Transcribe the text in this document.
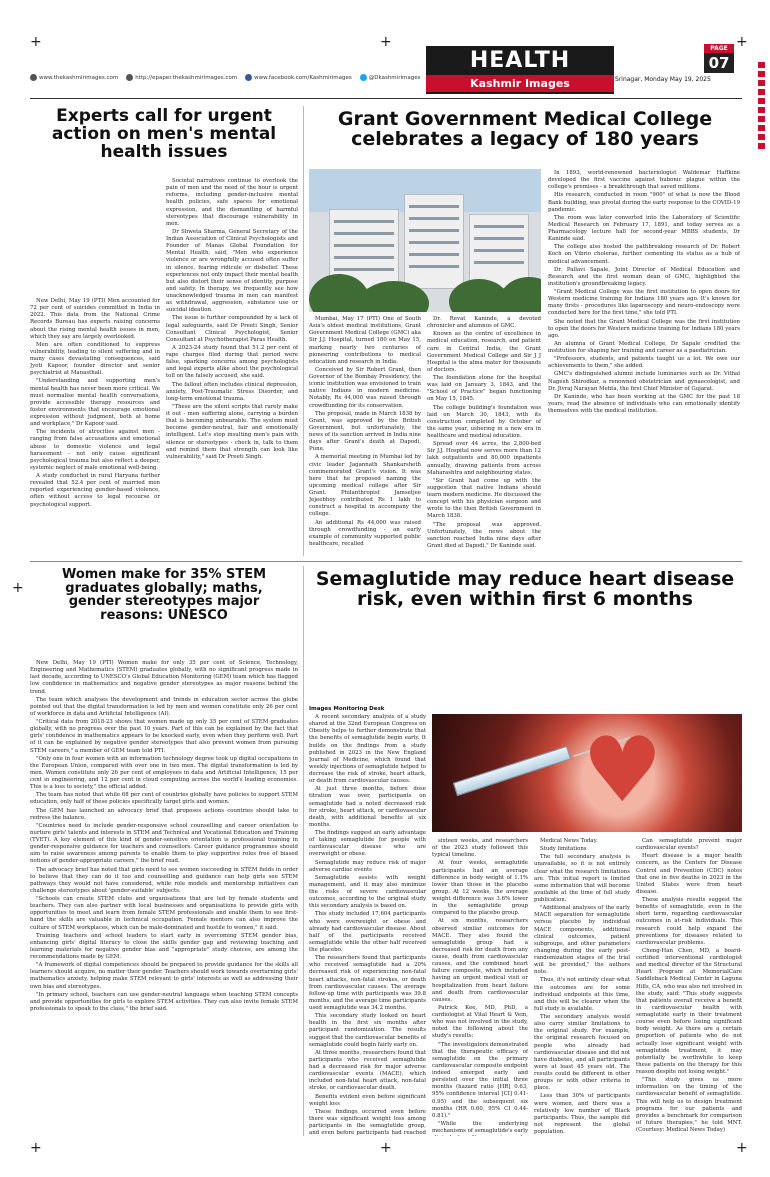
+	+	+
+
+	+	+
www.thekashmirimages.com	http://epaper.thekashmirimages.com	www.facebook.com/Kashmirimages	@Dkashmirimages
HEALTH
Kashmir Images	Srinagar, Monday May 19, 2025
PAGE
07
Experts call for urgent action on men's mental health issues

New Delhi, May 19 (PTI) Men accounted for 72 per cent of suicides committed in India in 2022. This data from the National Crime Records Bureau has experts raising concerns about the rising mental health issues in men, which they say are largely overlooked.

Men are often conditioned to suppress vulnerability, leading to silent suffering and in many cases devastating consequences, said Jyoti Kapoor, founder director and senior psychiatrist at Manasthali.

"Understanding and supporting men's mental health has never been more critical. We must normalise mental health conversations, provide accessible therapy resources and foster environments that encourage emotional expression without judgment, both at home and workplace," Dr Kapoor said.

The incidents of atrocities against men - ranging from false accusations and emotional abuse to domestic violence and legal harassment - not only cause significant psychological trauma but also reflect a deeper, systemic neglect of male emotional well-being.

A study conducted in rural Haryana further revealed that 52.4 per cent of married men reported experiencing gender-based violence, often without access to legal recourse or psychological support.

Societal narratives continue to overlook the pain of men and the need of the hour is urgent reforms, including gender-inclusive mental health policies, safe spaces for emotional expression, and the dismantling of harmful stereotypes that discourage vulnerability in men.

Dr Shweta Sharma, General Secretary of the Indian Association of Clinical Psychologists and Founder of Manas Global Foundation for Mental Health, said, "Men who experience violence or are wrongfully accused often suffer in silence, fearing ridicule or disbelief. These experiences not only impact their mental health but also distort their sense of identity, purpose and safety. In therapy, we frequently see how unacknowledged trauma in men can manifest as withdrawal, aggression, substance use or suicidal ideation.

The issue is further compounded by a lack of legal safeguards, said Dr Preeti Singh, Senior Consultant Clinical Psychologist, Senior Consultant at Psychotherapist Paras Health.

A 2023-24 study found that 51.2 per cent of rape charges filed during that period were false, sparking concerns among psychologists and legal experts alike about the psychological toll on the falsely accused, she said.

The fallout often includes clinical depression, anxiety, Post-Traumatic Stress Disorder, and long-term emotional trauma.

"These are the silent scripts that rarely make it out - men suffering alone, carrying a burden that is becoming unbearable. The system must become gender-neutral, fair and emotionally intelligent. Let's stop insulting men's pain with silence or stereotypes - check in, talk to them and remind them that strength can look like vulnerability," said Dr Preeti Singh.

Grant Government Medical College celebrates a legacy of 180 years

Mumbai, May 17 (PTI) One of South Asia's oldest medical institutions, Grant Government Medical College (GMC) aka Sir J.J. Hospital, turned 180 on May 15, marking nearly two centuries of pioneering contributions to medical education and research in India.

Conceived by Sir Robert Grant, then Governor of the Bombay Presidency, the iconic institution was envisioned to train native Indians in modern medicine. Notably, Rs 44,000 was raised through crowdfunding for its conservation.

The proposal, made in March 1838 by Grant, was approved by the British Government, but unfortunately, the news of its sanction arrived in India nine days after Grant's death at Dapodi, Pune.

A memorial meeting in Mumbai led by civic leader Jagannath Shankarsheth commemorated Grant's vision. It was here that he proposed naming the upcoming medical college after Sir Grant. Philanthropist Jamsetjee Jejeebhoy contributed Rs 1 lakh to construct a hospital in accompany the college.

An additional Rs 44,000 was raised through crowdfunding - an early example of community supported public healthcare, recalled

Dr. Revat Kaninde, a devoted chronicler and alumnus of GMC.

Known as the centre of excellence in medical education, research, and patient care in Central India, the Grant Government Medical College and Sir J J Hospital is the alma mater for thousands of doctors.

The foundation stone for the hospital was laid on January 3, 1843, and the "School of Practice" began functioning on May 15, 1845.

The college building's foundation was laid on March 30, 1843, with its construction completed by October of the same year, ushering in a new era in healthcare and medical education.

Spread over 44 acres, the 2,800-bed Sir J.J. Hospital now serves more than 12 lakh outpatients and 80,000 inpatients annually, drawing patients from across Maharashtra and neighbouring states.

"Sir Grant had come up with the suggestion that native Indians should learn modern medicine. He discussed the concept with his physician surgeon and wrote to the then British Government in March 1838.

"The proposal was approved. Unfortunately, the news about the sanction reached India nine days after Grant died at Dapodi," Dr Kaninde said.

In 1893, world-renowned bacteriologist Waldemar Haffkine developed the first vaccine against bubonic plague within the college's premises - a breakthrough that saved millions.

His research, conducted in room "900" of what is now the Blood Bank building, was pivotal during the early response to the COVID-19 pandemic.

The room was later converted into the Laboratory of Scientific Medical Research on February 17, 1891, and today serves as a Pharmacology lecture hall for second-year MBBS students, Dr Kaninde said.

The college also hosted the pathbreaking research of Dr. Robert Koch on Vibrio cholerae, further cementing its status as a hub of medical advancement.

Dr. Pallavi Sapale, Joint Director of Medical Education and Research and the first woman dean of GMC, highlighted the institution's groundbreaking legacy.

"Grant Medical College was the first institution to open doors for Western medicine training for Indians 180 years ago. It's known for many firsts - procedures like laparoscopy and neuro-endoscopy were conducted here for the first time," she told PTI.

She noted that the Grant Medical College was the first institution to open the doors for Western medicine training for Indians 180 years ago.

An alumna of Grant Medical College, Dr Sapale credited the institution for shaping her training and career as a paediatrician.

"Professors, students, and patients taught us a lot. We owe our achievements to them," she added.

GMC's distinguished alumni include luminaries such as Dr. Vithal Nagesh Shirodkar, a renowned obstetrician and gynaecologist, and Dr. Jivraj Narayan Mehta, the first Chief Minister of Gujarat.

Dr Kaninde, who has been working at the GMC for the past 18 years, read the absence of individuals who can emotionally identify themselves with the medical institution.

Women make for 35% STEM graduates globally; maths, gender stereotypes major reasons: UNESCO

New Delhi, May 19 (PTI) Women make for only 35 per cent of Science, Technology, Engineering and Mathematics (STEM) graduates globally, with no significant progress made in last decade, according to UNESCO's Global Education Monitoring (GEM) team which has flagged low confidence in mathematics and negative gender stereotypes as major reasons behind the trend.

The team which analyses the development and trends in education sector across the globe pointed out that the digital transformation is led by men and women constitute only 26 per cent of workforce in data and Artificial Intelligence (AI).

"Critical data from 2018-23 shows that women made up only 35 per cent of STEM graduates globally, with no progress over the past 10 years. Part of this can be explained by the fact that girls' confidence in mathematics appears to be knocked early, even when they perform well. Part of it can be explained by negative gender stereotypes that also prevent women from pursuing STEM careers," a member of GEM team told PTI.

"Only one in four women with an information technology degree took up digital occupations in the European Union, compared with over one in two men. The digital transformation is led by men. Women constitute only 26 per cent of employees in data and Artificial Intelligence, 15 per cent in engineering, and 12 per cent in cloud computing across the world's leading economies. This is a loss to society," the official added.

The team has noted that while 68 per cent of countries globally have policies to support STEM education, only half of these policies specifically target girls and women.

The GEM has launched an advocacy brief that proposes actions countries should take to redress the balance.

"Countries need to include gender-responsive school counselling and career orientation to nurture girls' talents and interests in STEM and Technical and Vocational Education and Training (TVET). A key element of this kind of gender-sensitive orientation is professional training in gender-responsive guidance for teachers and counsellors. Career guidance programmes should aim to raise awareness among parents to enable them to play supportive roles free of biased notions of gender-appropriate careers," the brief read.

The advocacy brief has noted that girls need to see women succeeding in STEM fields in order to believe that they can do it too and counselling and guidance can help girls see STEM pathways they would not have considered, while role models and mentorship initiatives can challenge stereotypes about 'gender-suitable' subjects.

"Schools can create STEM clubs and organisations that are led by female students and teachers. They can also partner with local businesses and organisations to provide girls with opportunities to meet and learn from female STEM professionals and enable them to see first-hand the skills are valuable in technical occupation. Female mentors can also improve the culture of STEM workplaces, which can be male-dominated and hostile to women," it said.

Training teachers and school leaders to start early in overcoming STEM gender bias, enhancing girls' digital literacy to close the skills gender gap and reviewing teaching and learning materials for negative gender bias and "appropriate" study choices, are among the recommendations made by GEM.

"A framework of digital competences should be prepared to provide guidance for the skills all learners should acquire, no matter their gender. Teachers should work towards overturning girls' mathematics anxiety, helping make STEM relevant to girls' interests as well as addressing their own bias and stereotypes.

"In primary school, teachers can use gender-neutral language when teaching STEM concepts and provide opportunities for girls to explore STEM activities. They can also invite female STEM professionals to speak to the class," the brief said.

Semaglutide may reduce heart disease risk, even within first 6 months
Images Monitoring Desk
♥

A recent secondary analysis of a study shared at the 32nd European Congress on Obesity helps to further demonstrate that the benefits of semaglutide begin early. It builds on the findings from a study published in 2023 in the New England Journal of Medicine, which found that weekly injections of semaglutide helped to decrease the risk of stroke, heart attack, or death from cardiovascular causes.

At just three months, before dose titration was over, participants on semaglutide had a noted decreased risk for stroke, heart attack, or cardiovascular death, with additional benefits at six months.

The findings suggest an early advantage of taking semaglutide for people with cardiovascular disease who are overweight or obese.

Semaglutide may reduce risk of major adverse cardiac events

Semaglutide assists with weight management, and it may also minimize the risks of severe cardiovascular outcomes, according to the original study this secondary analysis is based on.

This study included 17,604 participants who were overweight or obese and already had cardiovascular disease. About half of the participants received semaglutide while the other half received the placebo.

The researchers found that participants who received semaglutide had a 20% decreased risk of experiencing non-fatal heart attacks, non-fatal strokes, or death from cardiovascular causes. The average follow-up time with participants was 39.8 months, and the average time participants used semaglutide was 34.2 months.

This secondary study looked on heart health in the first six months after participant randomization. The results suggest that the cardiovascular benefits of semaglutide could begin fairly early on.

At three months, researchers found that participants who received semaglutide had a decreased risk for major adverse cardiovascular events (MACE), which included non-fatal heart attack, non-fatal stroke, or cardiovascular death.

Benefits evident even before significant weight loss

These findings occurred even before there was significant weight loss among participants in the semaglutide group, and even before participants had reached

sixteen weeks, and researchers of the 2023 study followed this typical timeline.

At four weeks, semaglutide participants had an average difference in body weight of 1.1% lower than those in the placebo group. At 12 weeks, the average weight difference was 3.6% lower in the semaglutide group compared to the placebo group.

At six months, researchers observed similar outcomes for MACE. They also found the semaglutide group had a decreased risk for death from any cause, death from cardiovascular causes, and the combined heart failure composite, which included having an urgent medical visit or hospitalization from heart failure and death from cardiovascular causes.

Patrick Kee, MD, PhD, a cardiologist at Vital Heart & Vein, who was not involved in the study, noted the following about the study's results:

"The investigators demonstrated that the therapeutic efficacy of semaglutide on the primary cardiovascular composite endpoint indeed emerged early and persisted over the initial three months (hazard ratio [HR] 0.63, 95% confidence interval [CI] 0.41-0.95) and the subsequent six months (HR 0.60, 95% CI 0.44-0.81)."

"While the underlying mechanisms of semaglutide's early

Medical News Today.

Study limitations

The full secondary analysis is unavailable, so it is not entirely clear what the research limitations are. This initial report is limited some information that will become available at the time of full study publication.

"Additional analyses of the early MACE separation for semaglutide versus placebo by individual MACE components, additional clinical outcomes, patient subgroups, and other parameters changing during the early post-randomization stages of the trial will be provided," the authors note.

Thus, it's not entirely clear what the outcomes are for some individual endpoints at this time, and this will be clearer when the full study is available.

The secondary analysis would also carry similar limitations to the original study. For example, the original research focused on people who already had cardiovascular disease and did not have diabetes, and all participants were at least 45 years old. The results could be different in other groups or with other criteria in place.

Less than 30% of participants were women, and there was a relatively low number of Black participants. Thus, the sample did not represent the global population.

Can semaglutide prevent major cardiovascular events?

Heart disease is a major health concern, as the Centers for Disease Control and Prevention (CDC) notes that one in five deaths in 2023 in the United States were from heart disease.

These analysis results suggest the benefits of semaglutide, even in the short term, regarding cardiovascular outcomes in at-risk individuals. This research could help expand the preventions for diseases related to cardiovascular problems.

Cheng-Han Chen, MD, a board-certified interventional cardiologist and medical director of the Structural Heart Program at MemorialCare Saddleback Medical Center in Laguna Hills, CA, who was also not involved in the study, said: "This study suggests that patients overall receive a benefit in cardiovascular health with semaglutide early in their treatment course even before losing significant body weight. As there are a certain proportion of patients who do not actually lose significant weight with semaglutide treatment, it may potentially be worthwhile to keep these patients on the therapy for this reason despite not losing weight."

"This study gives us more information on the timing of the cardiovascular benefit of semaglutide. This will help us to design treatment programs for our patients and provides a benchmark for comparison of future therapies," he told MNT. (Courtesy: Medical News Today)
